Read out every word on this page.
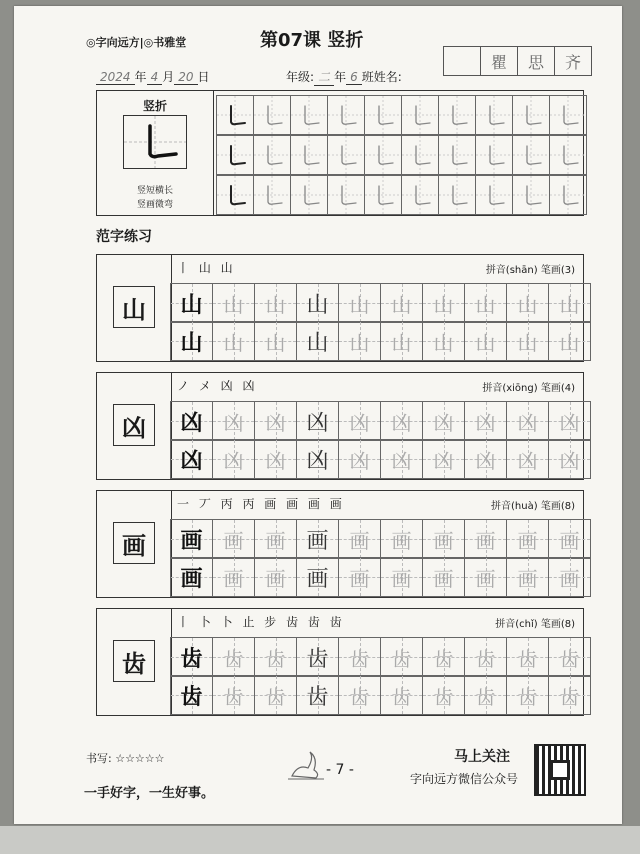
◎字向远方|◎书雅堂	第07课 竖折
瞿	思	齐
2024 年 4 月 20 日	年级: 二 年 6 班 姓名:
竖折
竖短横长
竖画微弯
范字练习
山
丨 山 山	拼音(shān) 笔画(3)
山 山 山 山 山 山 山 山 山 山
山 山 山 山 山 山 山 山 山 山
凶
ノ メ 凶 凶	拼音(xiōng) 笔画(4)
凶 凶 凶 凶 凶 凶 凶 凶 凶 凶
凶 凶 凶 凶 凶 凶 凶 凶 凶 凶
画
一 丆 丙 丙 画 画 画 画	拼音(huà) 笔画(8)
画 画 画 画 画 画 画 画 画 画
画 画 画 画 画 画 画 画 画 画
齿
丨 卜 卜 止 步 齿 齿 齿	拼音(chǐ) 笔画(8)
齿 齿 齿 齿 齿 齿 齿 齿 齿 齿
齿 齿 齿 齿 齿 齿 齿 齿 齿 齿
书写: ☆☆☆☆☆
一手好字，一生好事。
- 7 -
马上关注
字向远方微信公众号
